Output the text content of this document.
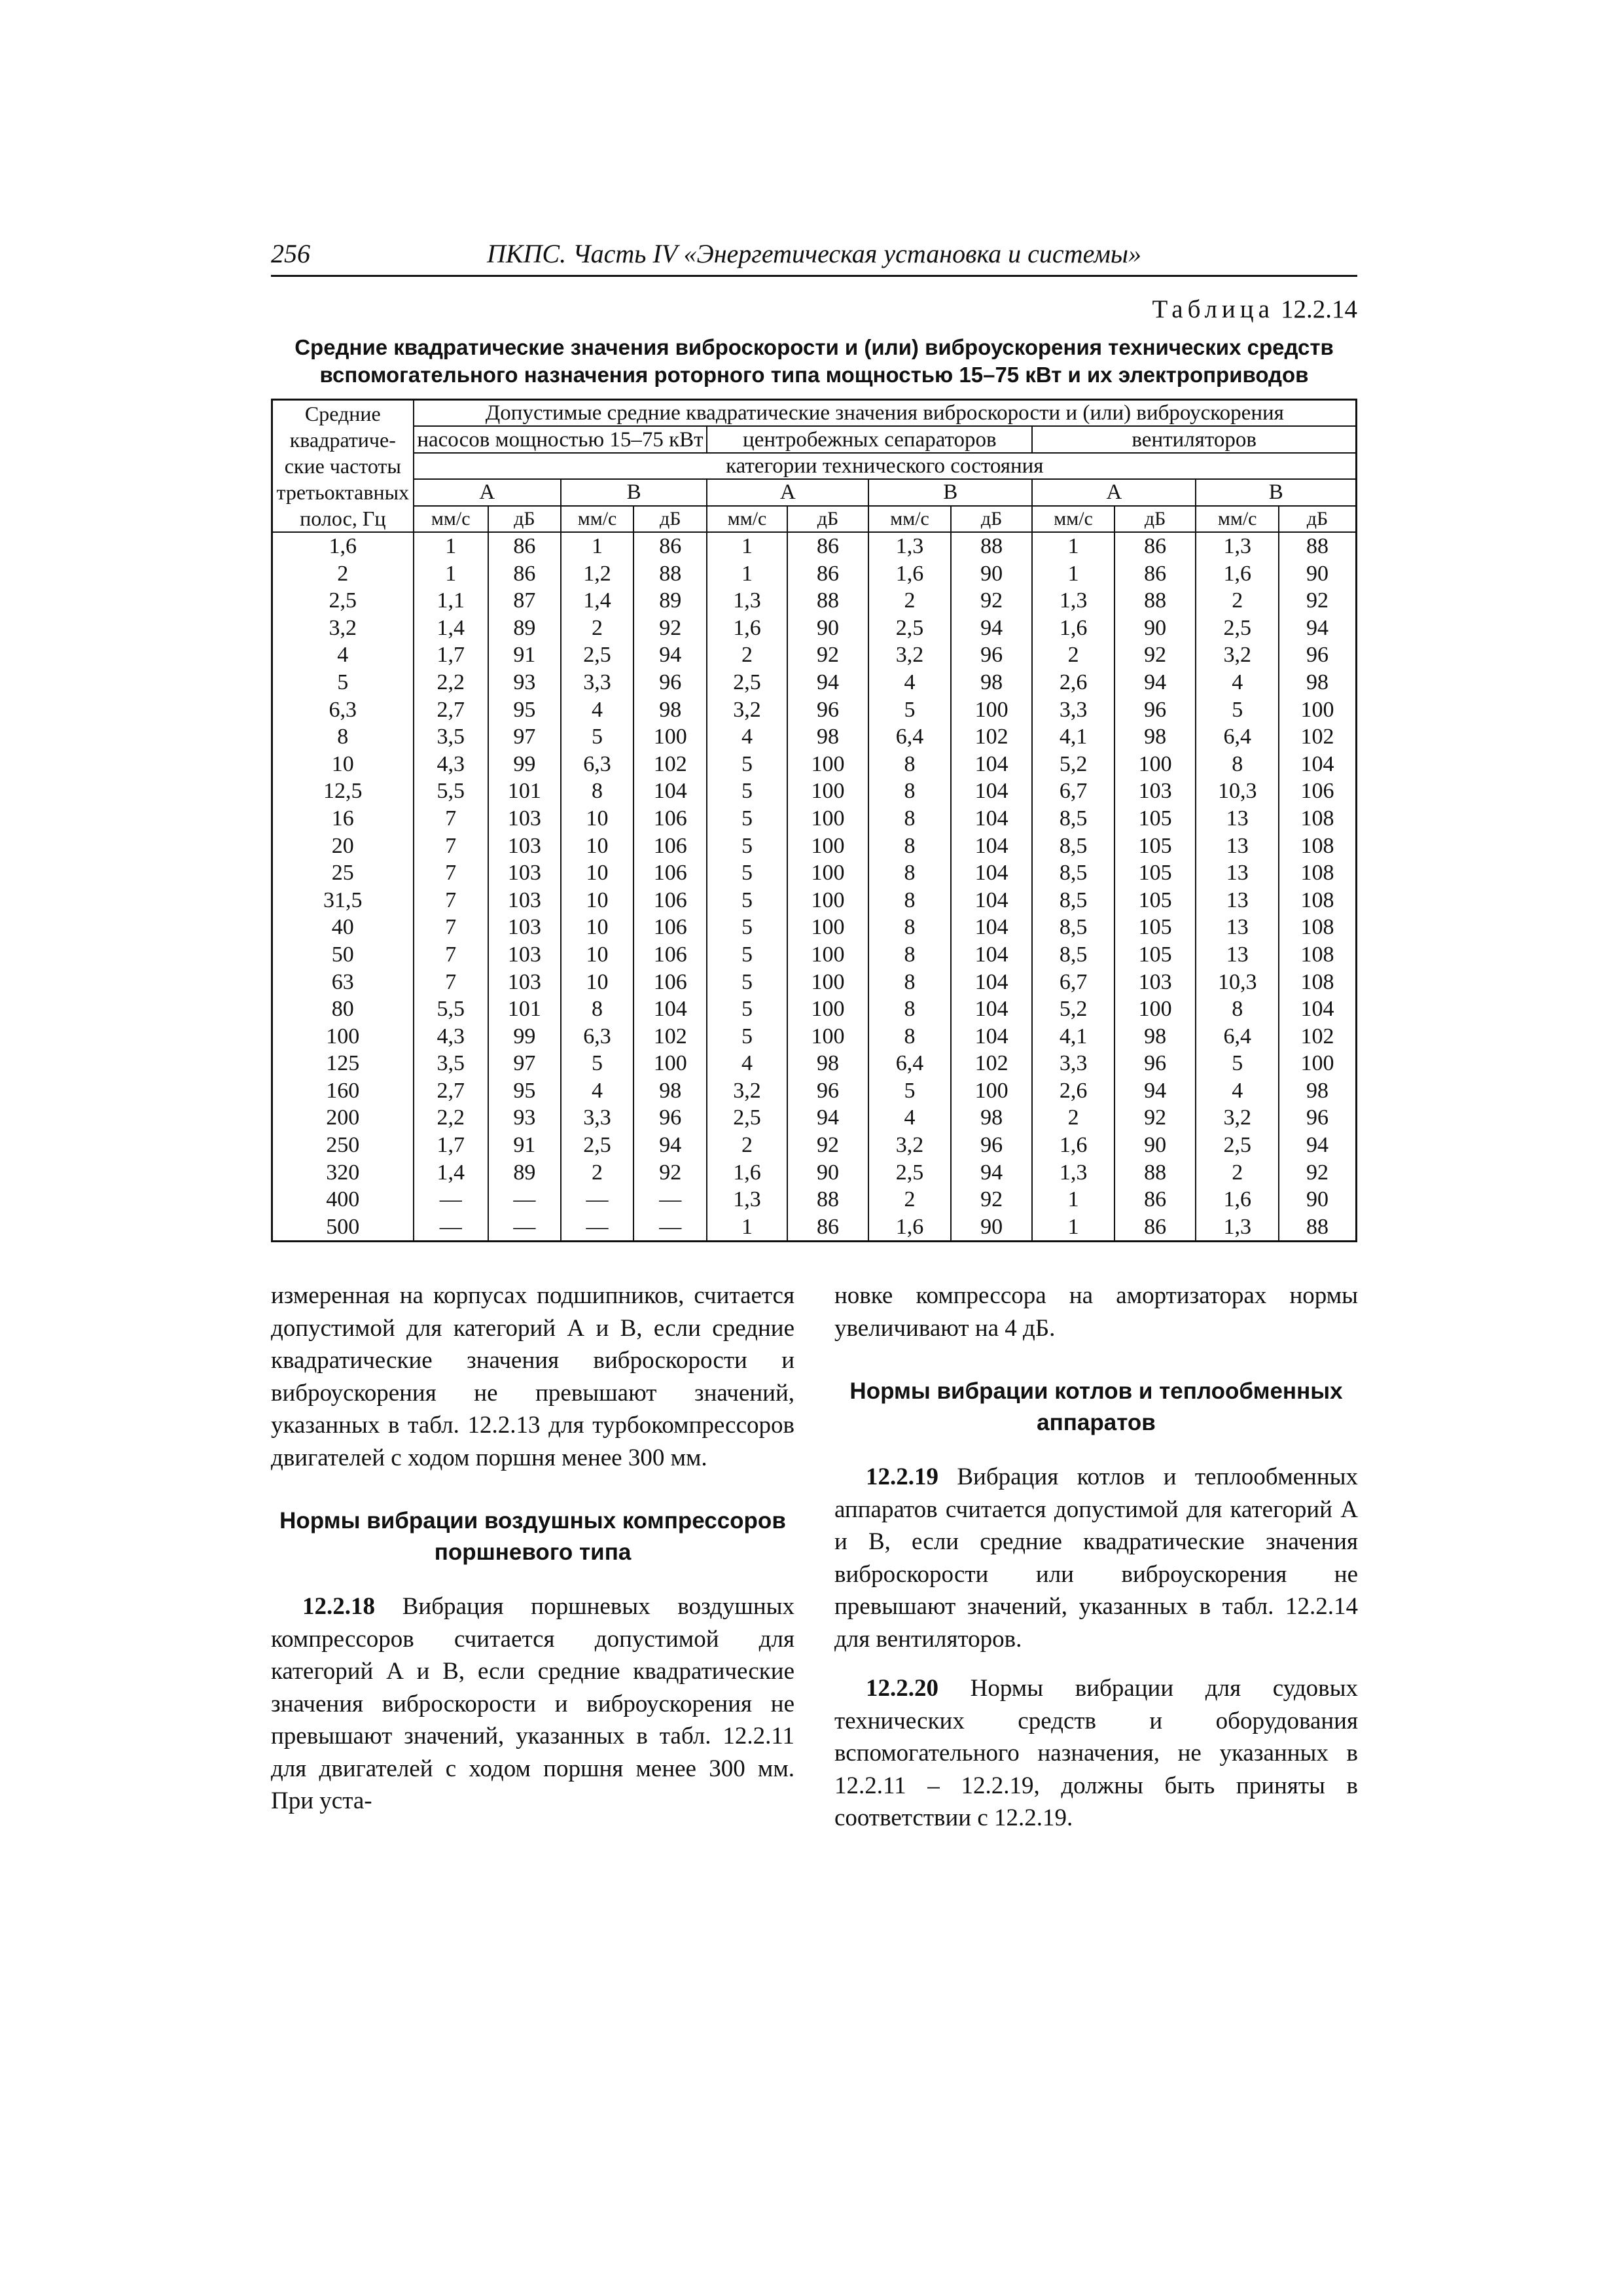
256	ПКПС. Часть IV «Энергетическая установка и системы»
Таблица 12.2.14
Средние квадратические значения виброскорости и (или) виброускорения технических средств
вспомогательного назначения роторного типа мощностью 15–75 кВт и их электроприводов
Средние
квадратиче-
ские частоты
третьоктавных
полос, Гц	Допустимые средние квадратические значения виброскорости и (или) виброускорения											
	насосов мощностью 15–75 кВт				центробежных сепараторов				вентиляторов			
	категории технического состояния											
	А		В		А		В		А		В	
	мм/с	дБ	мм/с	дБ	мм/с	дБ	мм/с	дБ	мм/с	дБ	мм/с	дБ
1,6	1	86	1	86	1	86	1,3	88	1	86	1,3	88
2	1	86	1,2	88	1	86	1,6	90	1	86	1,6	90
2,5	1,1	87	1,4	89	1,3	88	2	92	1,3	88	2	92
3,2	1,4	89	2	92	1,6	90	2,5	94	1,6	90	2,5	94
4	1,7	91	2,5	94	2	92	3,2	96	2	92	3,2	96
5	2,2	93	3,3	96	2,5	94	4	98	2,6	94	4	98
6,3	2,7	95	4	98	3,2	96	5	100	3,3	96	5	100
8	3,5	97	5	100	4	98	6,4	102	4,1	98	6,4	102
10	4,3	99	6,3	102	5	100	8	104	5,2	100	8	104
12,5	5,5	101	8	104	5	100	8	104	6,7	103	10,3	106
16	7	103	10	106	5	100	8	104	8,5	105	13	108
20	7	103	10	106	5	100	8	104	8,5	105	13	108
25	7	103	10	106	5	100	8	104	8,5	105	13	108
31,5	7	103	10	106	5	100	8	104	8,5	105	13	108
40	7	103	10	106	5	100	8	104	8,5	105	13	108
50	7	103	10	106	5	100	8	104	8,5	105	13	108
63	7	103	10	106	5	100	8	104	6,7	103	10,3	108
80	5,5	101	8	104	5	100	8	104	5,2	100	8	104
100	4,3	99	6,3	102	5	100	8	104	4,1	98	6,4	102
125	3,5	97	5	100	4	98	6,4	102	3,3	96	5	100
160	2,7	95	4	98	3,2	96	5	100	2,6	94	4	98
200	2,2	93	3,3	96	2,5	94	4	98	2	92	3,2	96
250	1,7	91	2,5	94	2	92	3,2	96	1,6	90	2,5	94
320	1,4	89	2	92	1,6	90	2,5	94	1,3	88	2	92
400	—	—	—	—	1,3	88	2	92	1	86	1,6	90
500	—	—	—	—	1	86	1,6	90	1	86	1,3	88

измеренная на корпусах подшипников, считается допустимой для категорий А и В, если средние квадратические значения виброскорости и виброускорения не превышают значений, указанных в табл. 12.2.13 для турбокомпрессоров двигателей с ходом поршня менее 300 мм.

Нормы вибрации воздушных компрессоров поршневого типа

12.2.18 Вибрация поршневых воздушных компрессоров считается допустимой для категорий А и В, если средние квадратические значения виброскорости и виброускорения не превышают значений, указанных в табл. 12.2.11 для двигателей с ходом поршня менее 300 мм. При уста-

новке компрессора на амортизаторах нормы увеличивают на 4 дБ.

Нормы вибрации котлов и теплообменных аппаратов

12.2.19 Вибрация котлов и теплообменных аппаратов считается допустимой для категорий А и В, если средние квадратические значения виброскорости или виброускорения не превышают значений, указанных в табл. 12.2.14 для вентиляторов.

12.2.20 Нормы вибрации для судовых технических средств и оборудования вспомогательного назначения, не указанных в 12.2.11 – 12.2.19, должны быть приняты в соответствии с 12.2.19.
